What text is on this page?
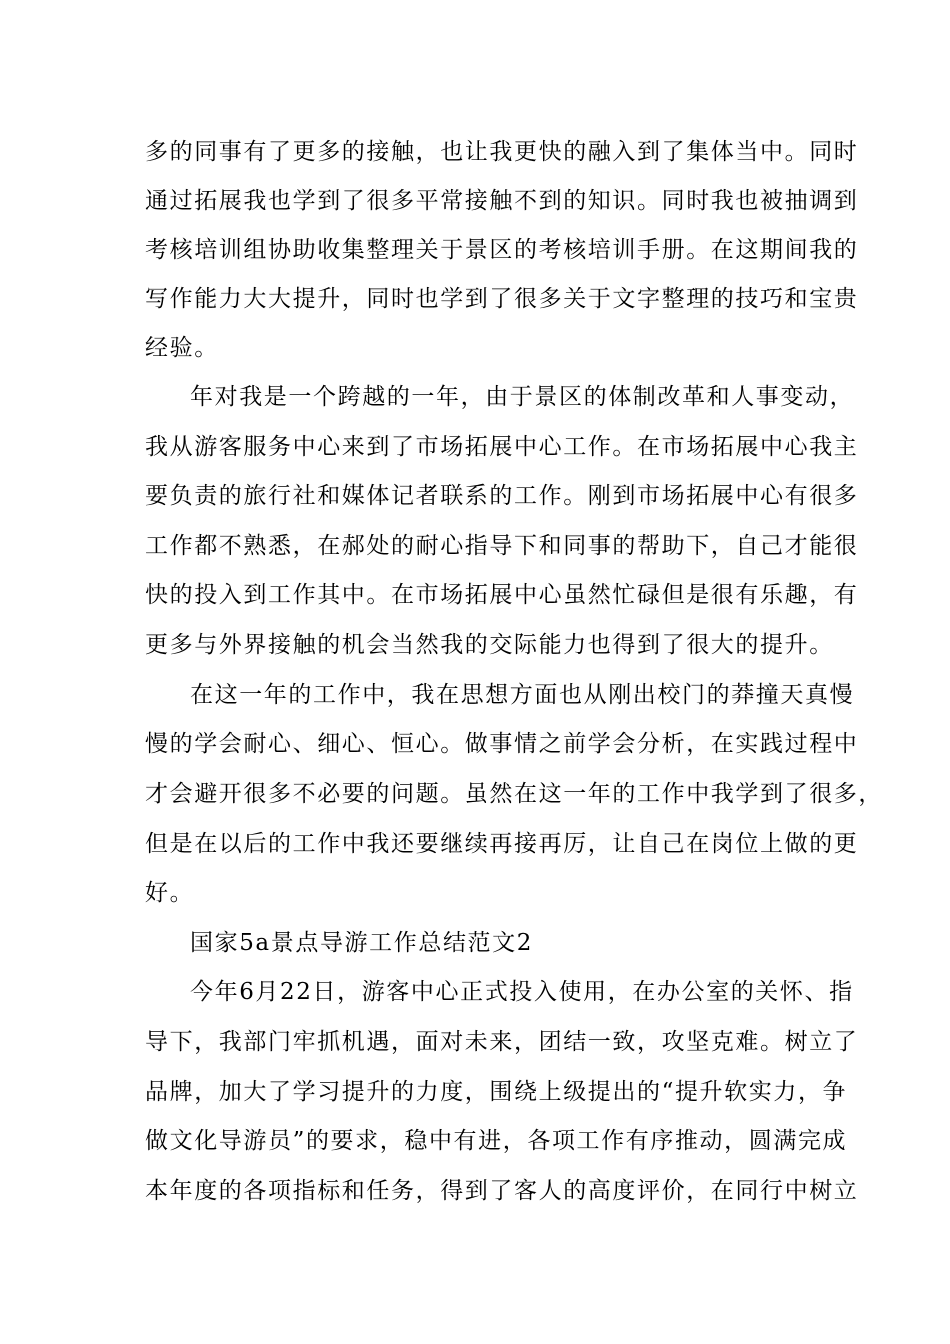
多的同事有了更多的接触，也让我更快的融入到了集体当中。同时

通过拓展我也学到了很多平常接触不到的知识。同时我也被抽调到

考核培训组协助收集整理关于景区的考核培训手册。在这期间我的

写作能力大大提升，同时也学到了很多关于文字整理的技巧和宝贵

经验。

年对我是一个跨越的一年，由于景区的体制改革和人事变动，

我从游客服务中心来到了市场拓展中心工作。在市场拓展中心我主

要负责的旅行社和媒体记者联系的工作。刚到市场拓展中心有很多

工作都不熟悉，在郝处的耐心指导下和同事的帮助下，自己才能很

快的投入到工作其中。在市场拓展中心虽然忙碌但是很有乐趣，有

更多与外界接触的机会当然我的交际能力也得到了很大的提升。

在这一年的工作中，我在思想方面也从刚出校门的莽撞天真慢

慢的学会耐心、细心、恒心。做事情之前学会分析，在实践过程中

才会避开很多不必要的问题。虽然在这一年的工作中我学到了很多，

但是在以后的工作中我还要继续再接再厉，让自己在岗位上做的更

好。

国家5a景点导游工作总结范文2

今年6月22日，游客中心正式投入使用，在办公室的关怀、指

导下，我部门牢抓机遇，面对未来，团结一致，攻坚克难。树立了

品牌，加大了学习提升的力度，围绕上级提出的“提升软实力，争

做文化导游员”的要求，稳中有进，各项工作有序推动，圆满完成

本年度的各项指标和任务，得到了客人的高度评价，在同行中树立
